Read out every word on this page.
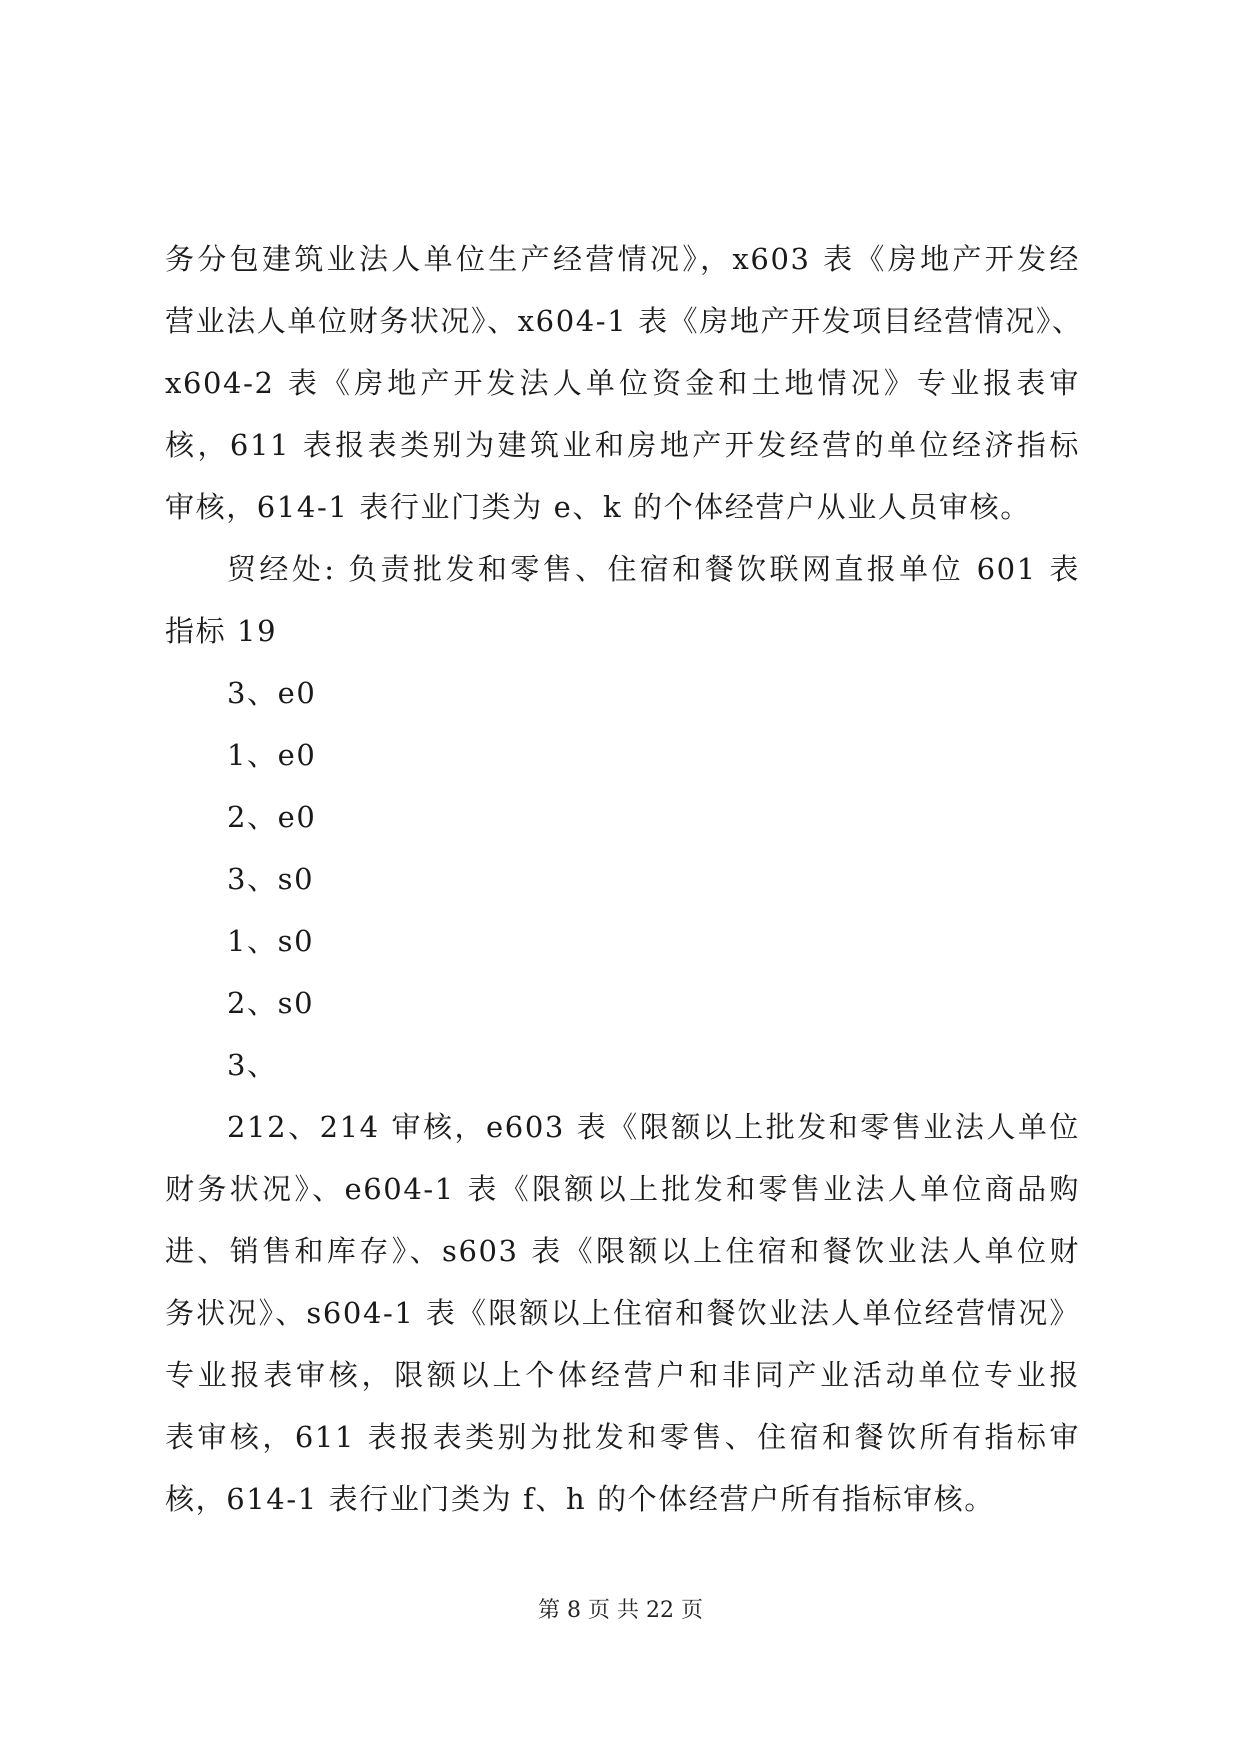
务分包建筑业法人单位生产经营情况》，x603 表《房地产开发经
营业法人单位财务状况》、x604-1 表《房地产开发项目经营情况》、
x604-2 表《房地产开发法人单位资金和土地情况》专业报表审
核，611 表报表类别为建筑业和房地产开发经营的单位经济指标
审核，614-1 表行业门类为 e、k 的个体经营户从业人员审核。
贸经处: 负责批发和零售、住宿和餐饮联网直报单位 601 表
指标 19
3、e0
1、e0
2、e0
3、s0
1、s0
2、s0
3、
212、214 审核，e603 表《限额以上批发和零售业法人单位
财务状况》、e604-1 表《限额以上批发和零售业法人单位商品购
进、销售和库存》、s603 表《限额以上住宿和餐饮业法人单位财
务状况》、s604-1 表《限额以上住宿和餐饮业法人单位经营情况》
专业报表审核，限额以上个体经营户和非同产业活动单位专业报
表审核，611 表报表类别为批发和零售、住宿和餐饮所有指标审
核，614-1 表行业门类为 f、h 的个体经营户所有指标审核。
第 8 页 共 22 页
